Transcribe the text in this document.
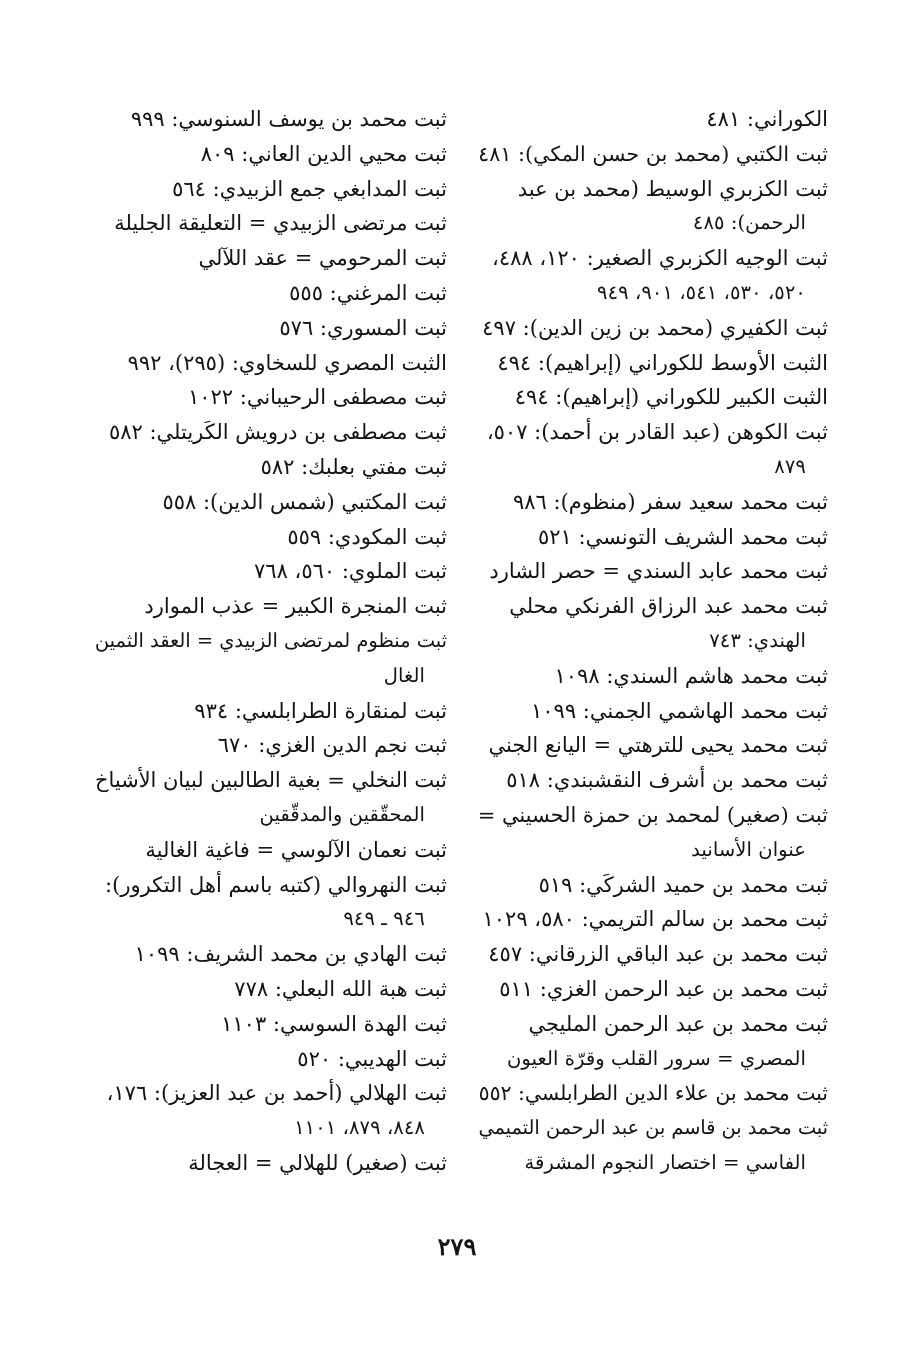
الكوراني: ٤٨١

ثبت الكتبي (محمد بن حسن المكي): ٤٨١

ثبت الكزبري الوسيط (محمد بن عبد
الرحمن): ٤٨٥

ثبت الوجيه الكزبري الصغير: ١٢٠، ٤٨٨،
٥٢٠، ٥٣٠، ٥٤١، ٩٠١، ٩٤٩

ثبت الكفيري (محمد بن زين الدين): ٤٩٧

الثبت الأوسط للكوراني (إبراهيم): ٤٩٤

الثبت الكبير للكوراني (إبراهيم): ٤٩٤

ثبت الكوهن (عبد القادر بن أحمد): ٥٠٧،
٨٧٩

ثبت محمد سعيد سفر (منظوم): ٩٨٦

ثبت محمد الشريف التونسي: ٥٢١

ثبت محمد عابد السندي = حصر الشارد

ثبت محمد عبد الرزاق الفرنكي محلي
الهندي: ٧٤٣

ثبت محمد هاشم السندي: ١٠٩٨

ثبت محمد الهاشمي الجمني: ١٠٩٩

ثبت محمد يحيى للترهتي = اليانع الجني

ثبت محمد بن أشرف النقشبندي: ٥١٨

ثبت (صغير) لمحمد بن حمزة الحسيني =
عنوان الأسانيد

ثبت محمد بن حميد الشركَي: ٥١٩

ثبت محمد بن سالم التريمي: ٥٨٠، ١٠٢٩

ثبت محمد بن عبد الباقي الزرقاني: ٤٥٧

ثبت محمد بن عبد الرحمن الغزي: ٥١١

ثبت محمد بن عبد الرحمن المليجي
المصري = سرور القلب وقرّة العيون

ثبت محمد بن علاء الدين الطرابلسي: ٥٥٢

ثبت محمد بن قاسم بن عبد الرحمن التميمي
الفاسي = اختصار النجوم المشرقة

ثبت محمد بن يوسف السنوسي: ٩٩٩

ثبت محيي الدين العاني: ٨٠٩

ثبت المدابغي جمع الزبيدي: ٥٦٤

ثبت مرتضى الزبيدي = التعليقة الجليلة

ثبت المرحومي = عقد اللآلي

ثبت المرغني: ٥٥٥

ثبت المسوري: ٥٧٦

الثبت المصري للسخاوي: (٢٩٥)، ٩٩٢

ثبت مصطفى الرحيباني: ١٠٢٢

ثبت مصطفى بن درويش الكَريتلي: ٥٨٢

ثبت مفتي بعلبك: ٥٨٢

ثبت المكتبي (شمس الدين): ٥٥٨

ثبت المكودي: ٥٥٩

ثبت الملوي: ٥٦٠، ٧٦٨

ثبت المنجرة الكبير = عذب الموارد

ثبت منظوم لمرتضى الزبيدي = العقد الثمين
الغال

ثبت لمنقارة الطرابلسي: ٩٣٤

ثبت نجم الدين الغزي: ٦٧٠

ثبت النخلي = بغية الطالبين لبيان الأشياخ
المحقّقين والمدقّقين

ثبت نعمان الآلوسي = فاغية الغالية

ثبت النهروالي (كتبه باسم أهل التكرور):
٩٤٦ ـ ٩٤٩

ثبت الهادي بن محمد الشريف: ١٠٩٩

ثبت هبة الله البعلي: ٧٧٨

ثبت الهدة السوسي: ١١٠٣

ثبت الهديبي: ٥٢٠

ثبت الهلالي (أحمد بن عبد العزيز): ١٧٦،
٨٤٨، ٨٧٩، ١١٠١

ثبت (صغير) للهلالي = العجالة

٢٧٩
